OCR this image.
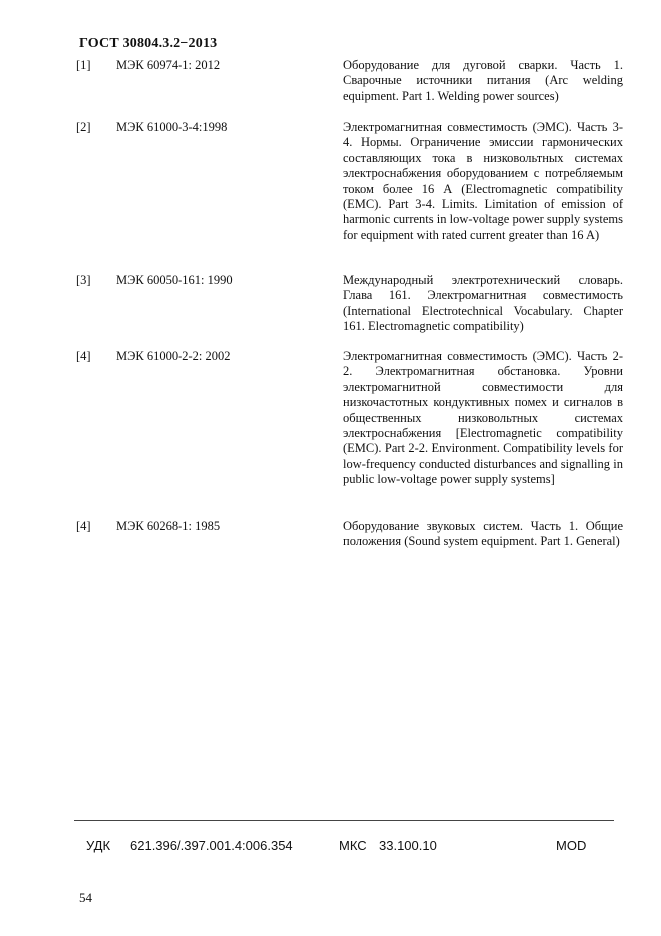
ГОСТ 30804.3.2−2013
[1] МЭК 60974-1: 2012	Оборудование для дуговой сварки. Часть 1. Сварочные источники питания (Arc welding equipment. Part 1. Welding power sources)
[2] МЭК 61000-3-4:1998	Электромагнитная совместимость (ЭМС). Часть 3-4. Нормы. Ограничение эмиссии гармонических составляющих тока в низковольтных системах электроснабжения оборудованием с потребляемым током более 16 А (Electromagnetic compatibility (EMC). Part 3-4. Limits. Limitation of emission of harmonic currents in low-voltage power supply systems for equipment with rated current greater than 16 A)
[3] МЭК 60050-161: 1990	Международный электротехнический словарь. Глава 161. Электромагнитная совместимость (International Electrotechnical Vocabulary. Chapter 161. Electromagnetic compatibility)
[4] МЭК 61000-2-2: 2002	Электромагнитная совместимость (ЭМС). Часть 2-2. Электромагнитная обстановка. Уровни электромагнитной совместимости для низкочастотных кондуктивных помех и сигналов в общественных низковольтных системах электроснабжения [Electromagnetic compatibility (EMC). Part 2-2. Environment. Compatibility levels for low-frequency conducted disturbances and signalling in public low-voltage power supply systems]
[4] МЭК 60268-1: 1985	Оборудование звуковых систем. Часть 1. Общие положения (Sound system equipment. Part 1. General)
УДК 621.396/.397.001.4:006.354	МКС 33.100.10	MOD
54
